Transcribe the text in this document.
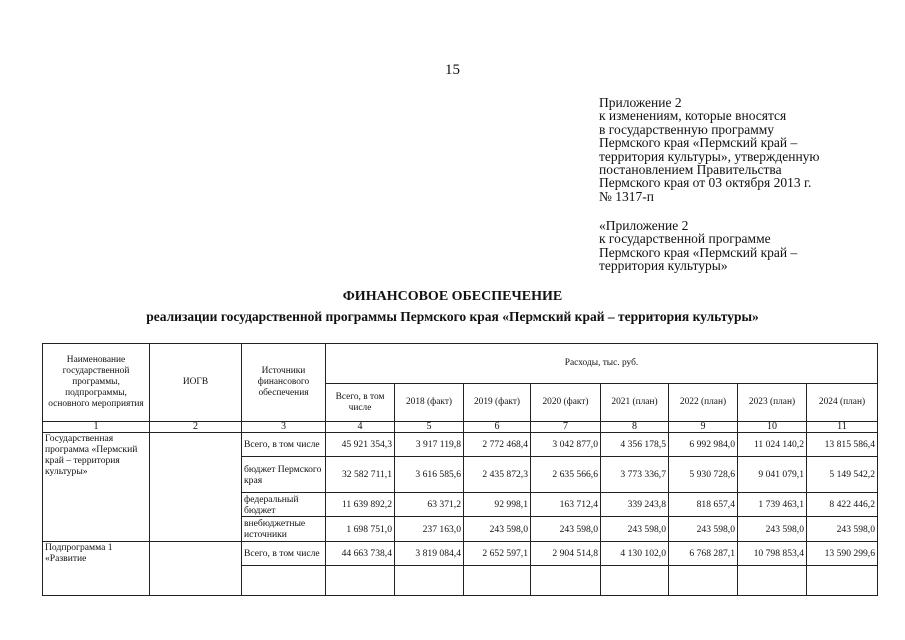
15
Приложение 2
к изменениям, которые вносятся
в государственную программу
Пермского края «Пермский край –
территория культуры», утвержденную
постановлением Правительства
Пермского края от 03 октября 2013 г.
№ 1317-п
«Приложение 2
к государственной программе
Пермского края «Пермский край –
территория культуры»
ФИНАНСОВОЕ ОБЕСПЕЧЕНИЕ
реализации государственной программы Пермского края «Пермский край – территория культуры»
Наименование государственной программы, подпрограммы, основного мероприятия	ИОГВ	Источники финансового обеспечения	Расходы, тыс. руб.							
			Всего, в том числе	2018 (факт)	2019 (факт)	2020 (факт)	2021 (план)	2022 (план)	2023 (план)	2024 (план)
1	2	3	4	5	6	7	8	9	10	11
Государственная программа «Пермский край – территория культуры»		Всего, в том числе	45 921 354,3	3 917 119,8	2 772 468,4	3 042 877,0	4 356 178,5	6 992 984,0	11 024 140,2	13 815 586,4
		бюджет Пермского края	32 582 711,1	3 616 585,6	2 435 872,3	2 635 566,6	3 773 336,7	5 930 728,6	9 041 079,1	5 149 542,2
		федеральный бюджет	11 639 892,2	63 371,2	92 998,1	163 712,4	339 243,8	818 657,4	1 739 463,1	8 422 446,2
		внебюджетные источники	1 698 751,0	237 163,0	243 598,0	243 598,0	243 598,0	243 598,0	243 598,0	243 598,0
Подпрограмма 1 «Развитие		Всего, в том числе	44 663 738,4	3 819 084,4	2 652 597,1	2 904 514,8	4 130 102,0	6 768 287,1	10 798 853,4	13 590 299,6
